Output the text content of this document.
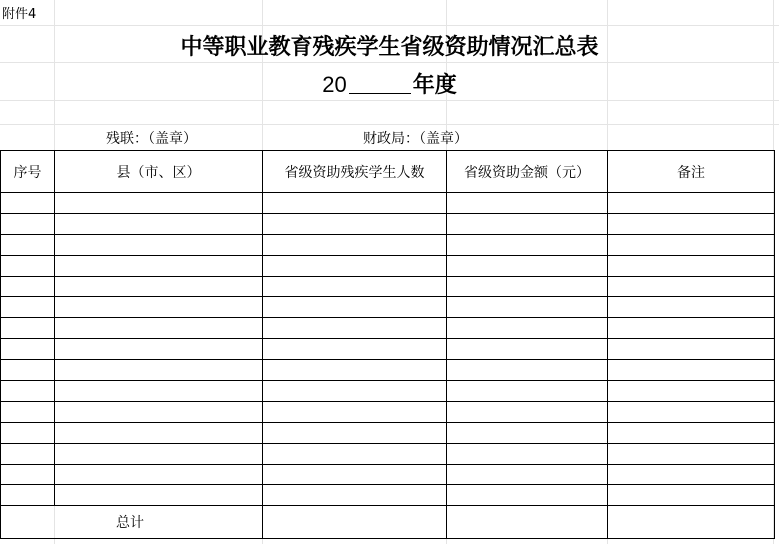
附件4
中等职业教育残疾学生省级资助情况汇总表
20	年度
残联：（盖章）	财政局：（盖章）
序号	县（市、区）	省级资助残疾学生人数	省级资助金额（元）	备注

总计				
